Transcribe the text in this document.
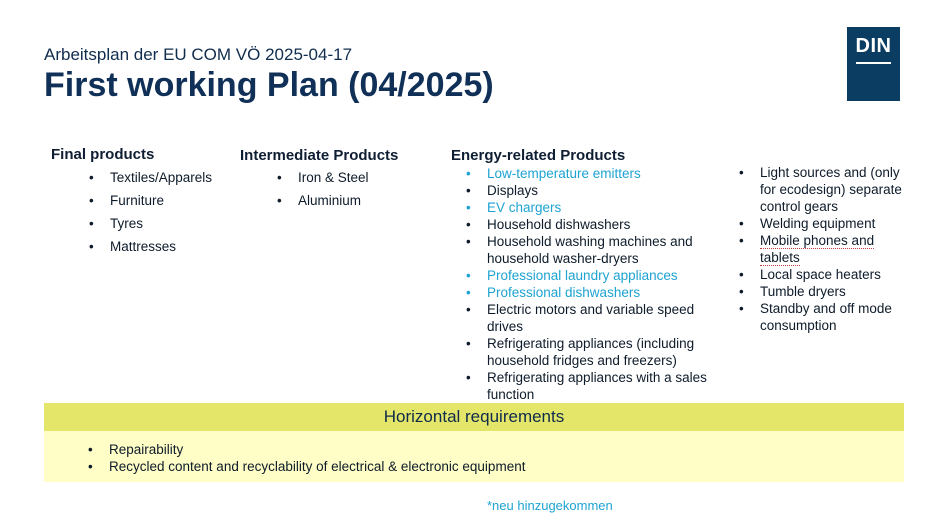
Arbeitsplan der EU COM VÖ 2025-04-17
First working Plan (04/2025)
DIN
Final products
• Textiles/Apparels
• Furniture
• Tyres
• Mattresses
Intermediate Products
• Iron & Steel
• Aluminium
Energy-related Products
• Low-temperature emitters
• Displays
• EV chargers
• Household dishwashers
• Household washing machines and household washer-dryers
• Professional laundry appliances
• Professional dishwashers
• Electric motors and variable speed drives
• Refrigerating appliances (including household fridges and freezers)
• Refrigerating appliances with a sales function
• Light sources and (only for ecodesign) separate control gears
• Welding equipment
• Mobile phones and tablets
• Local space heaters
• Tumble dryers
• Standby and off mode consumption
Horizontal requirements
• Repairability
• Recycled content and recyclability of electrical & electronic equipment
*neu hinzugekommen
